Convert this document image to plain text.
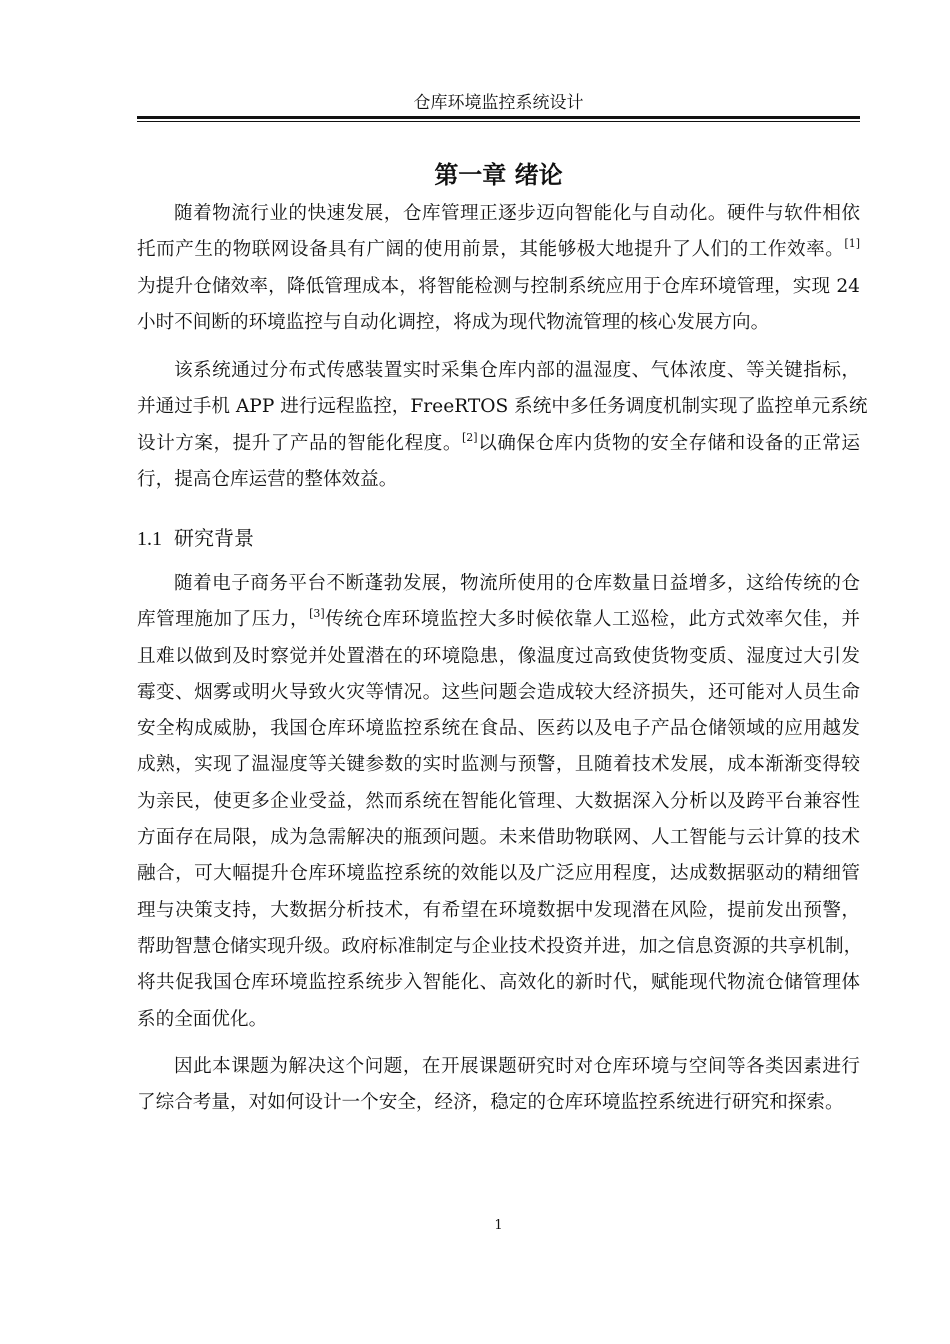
仓库环境监控系统设计
第一章 绪论
随着物流行业的快速发展，仓库管理正逐步迈向智能化与自动化。硬件与软件相依
托而产生的物联网设备具有广阔的使用前景，其能够极大地提升了人们的工作效率。[1]
为提升仓储效率，降低管理成本，将智能检测与控制系统应用于仓库环境管理，实现 24
小时不间断的环境监控与自动化调控，将成为现代物流管理的核心发展方向。
该系统通过分布式传感装置实时采集仓库内部的温湿度、气体浓度、等关键指标，
并通过手机 APP 进行远程监控，FreeRTOS 系统中多任务调度机制实现了监控单元系统
设计方案，提升了产品的智能化程度。[2]以确保仓库内货物的安全存储和设备的正常运
行，提高仓库运营的整体效益。
1.1 研究背景
随着电子商务平台不断蓬勃发展，物流所使用的仓库数量日益增多，这给传统的仓
库管理施加了压力，[3]传统仓库环境监控大多时候依靠人工巡检，此方式效率欠佳，并
且难以做到及时察觉并处置潜在的环境隐患，像温度过高致使货物变质、湿度过大引发
霉变、烟雾或明火导致火灾等情况。这些问题会造成较大经济损失，还可能对人员生命
安全构成威胁，我国仓库环境监控系统在食品、医药以及电子产品仓储领域的应用越发
成熟，实现了温湿度等关键参数的实时监测与预警，且随着技术发展，成本渐渐变得较
为亲民，使更多企业受益，然而系统在智能化管理、大数据深入分析以及跨平台兼容性
方面存在局限，成为急需解决的瓶颈问题。未来借助物联网、人工智能与云计算的技术
融合，可大幅提升仓库环境监控系统的效能以及广泛应用程度，达成数据驱动的精细管
理与决策支持，大数据分析技术，有希望在环境数据中发现潜在风险，提前发出预警，
帮助智慧仓储实现升级。政府标准制定与企业技术投资并进，加之信息资源的共享机制，
将共促我国仓库环境监控系统步入智能化、高效化的新时代，赋能现代物流仓储管理体
系的全面优化。
因此本课题为解决这个问题，在开展课题研究时对仓库环境与空间等各类因素进行
了综合考量，对如何设计一个安全，经济，稳定的仓库环境监控系统进行研究和探索。
1
